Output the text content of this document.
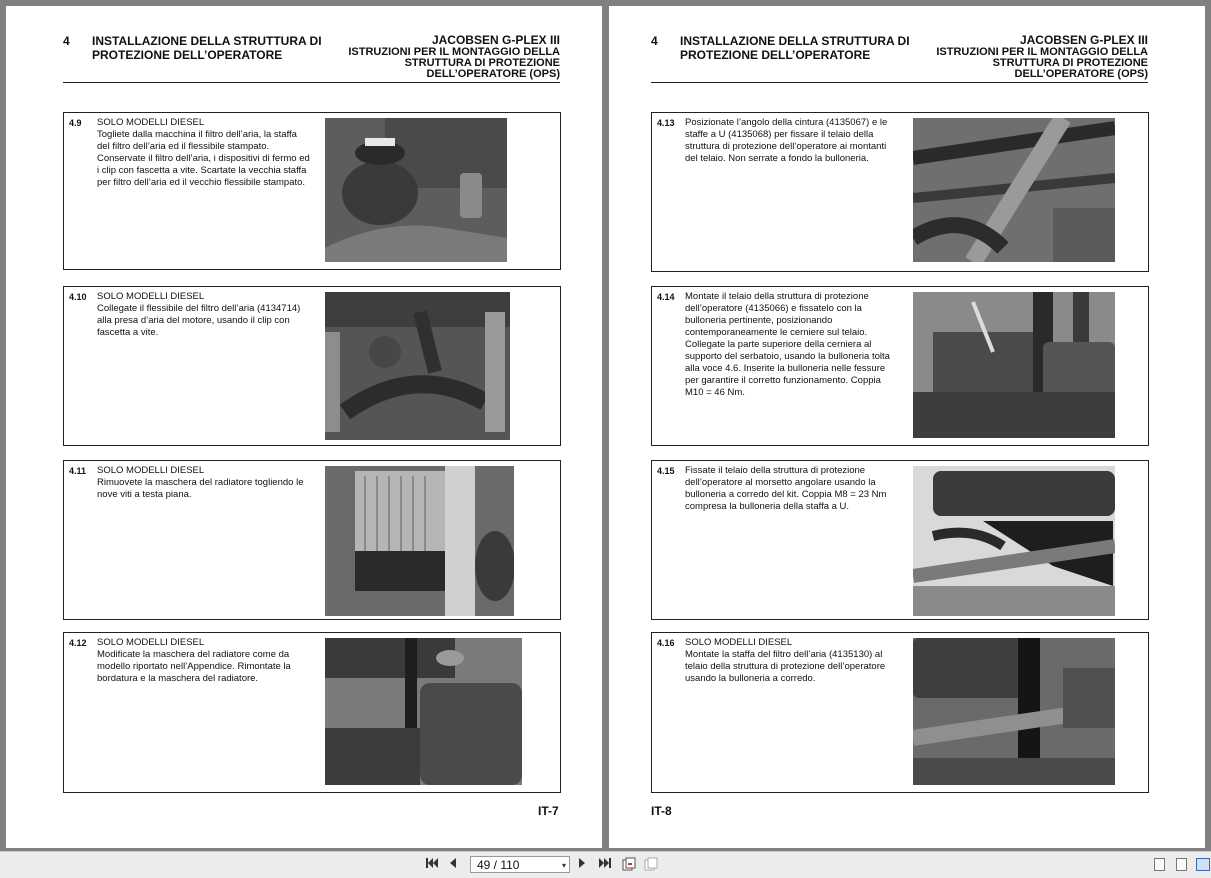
4 INSTALLAZIONE DELLA STRUTTURA DI PROTEZIONE DELL’OPERATORE
JACOBSEN G-PLEX III
ISTRUZIONI PER IL MONTAGGIO DELLA STRUTTURA DI PROTEZIONE DELL’OPERATORE (OPS)
4.9 SOLO MODELLI DIESEL
Togliete dalla macchina il filtro dell’aria, la staffa del filtro dell’aria ed il flessibile stampato. Conservate il filtro dell’aria, i dispositivi di fermo ed i clip con fascetta a vite. Scartate la vecchia staffa per filtro dell’aria ed il vecchio flessibile stampato.
4.10 SOLO MODELLI DIESEL
Collegate il flessibile del filtro dell’aria (4134714) alla presa d’aria del motore, usando il clip con fascetta a vite.
4.11 SOLO MODELLI DIESEL
Rimuovete la maschera del radiatore togliendo le nove viti a testa piana.
4.12 SOLO MODELLI DIESEL
Modificate la maschera del radiatore come da modello riportato nell’Appendice. Rimontate la bordatura e la maschera del radiatore.
IT-7
4 INSTALLAZIONE DELLA STRUTTURA DI PROTEZIONE DELL’OPERATORE
JACOBSEN G-PLEX III
ISTRUZIONI PER IL MONTAGGIO DELLA STRUTTURA DI PROTEZIONE DELL’OPERATORE (OPS)
4.13 Posizionate l’angolo della cintura (4135067) e le staffe a U (4135068) per fissare il telaio della struttura di protezione dell’operatore ai montanti del telaio. Non serrate a fondo la bulloneria.
4.14 Montate il telaio della struttura di protezione dell’operatore (4135066) e fissatelo con la bulloneria pertinente, posizionando contemporaneamente le cerniere sul telaio. Collegate la parte superiore della cerniera al supporto del serbatoio, usando la bulloneria tolta alla voce 4.6. Inserite la bulloneria nelle fessure per garantire il corretto funzionamento. Coppia M10 = 46 Nm.
4.15 Fissate il telaio della struttura di protezione dell’operatore al morsetto angolare usando la bulloneria a corredo del kit. Coppia M8 = 23 Nm compresa la bulloneria della staffa a U.
4.16 SOLO MODELLI DIESEL
Montate la staffa del filtro dell’aria (4135130) al telaio della struttura di protezione dell’operatore usando la bulloneria a corredo.
IT-8
49 / 110	▾
